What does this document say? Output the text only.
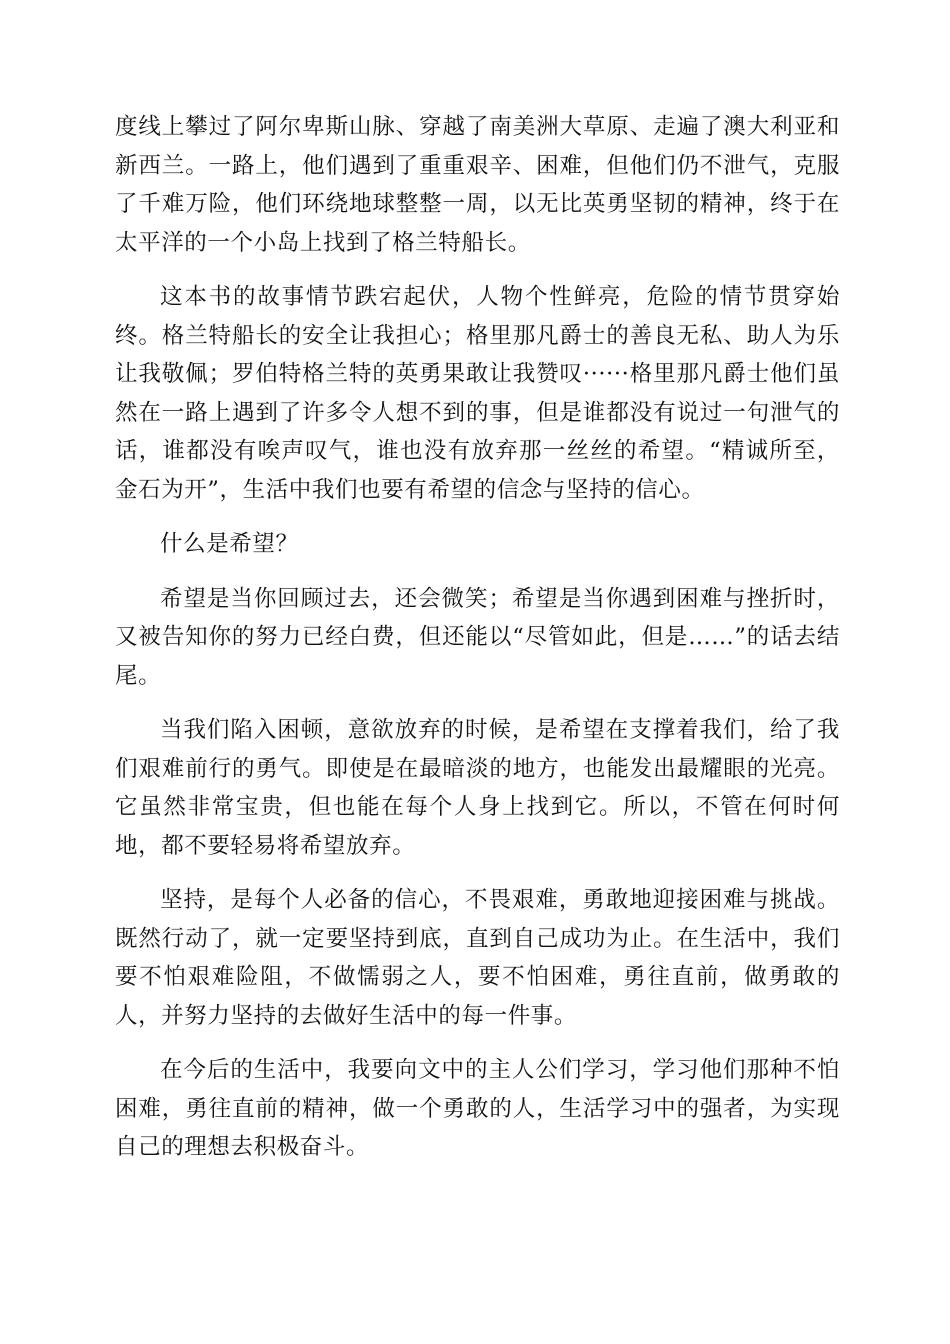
度线上攀过了阿尔卑斯山脉、穿越了南美洲大草原、走遍了澳大利亚和新西兰。一路上，他们遇到了重重艰辛、困难，但他们仍不泄气，克服了千难万险，他们环绕地球整整一周，以无比英勇坚韧的精神，终于在太平洋的一个小岛上找到了格兰特船长。

这本书的故事情节跌宕起伏，人物个性鲜亮，危险的情节贯穿始终。格兰特船长的安全让我担心；格里那凡爵士的善良无私、助人为乐让我敬佩；罗伯特格兰特的英勇果敢让我赞叹······格里那凡爵士他们虽然在一路上遇到了许多令人想不到的事，但是谁都没有说过一句泄气的话，谁都没有唉声叹气，谁也没有放弃那一丝丝的希望。“精诚所至，金石为开”，生活中我们也要有希望的信念与坚持的信心。

什么是希望？

希望是当你回顾过去，还会微笑；希望是当你遇到困难与挫折时，又被告知你的努力已经白费，但还能以“尽管如此，但是……”的话去结尾。

当我们陷入困顿，意欲放弃的时候，是希望在支撑着我们，给了我们艰难前行的勇气。即使是在最暗淡的地方，也能发出最耀眼的光亮。它虽然非常宝贵，但也能在每个人身上找到它。所以，不管在何时何地，都不要轻易将希望放弃。

坚持，是每个人必备的信心，不畏艰难，勇敢地迎接困难与挑战。既然行动了，就一定要坚持到底，直到自己成功为止。在生活中，我们要不怕艰难险阻，不做懦弱之人，要不怕困难，勇往直前，做勇敢的人，并努力坚持的去做好生活中的每一件事。

在今后的生活中，我要向文中的主人公们学习，学习他们那种不怕困难，勇往直前的精神，做一个勇敢的人，生活学习中的强者，为实现自己的理想去积极奋斗。
